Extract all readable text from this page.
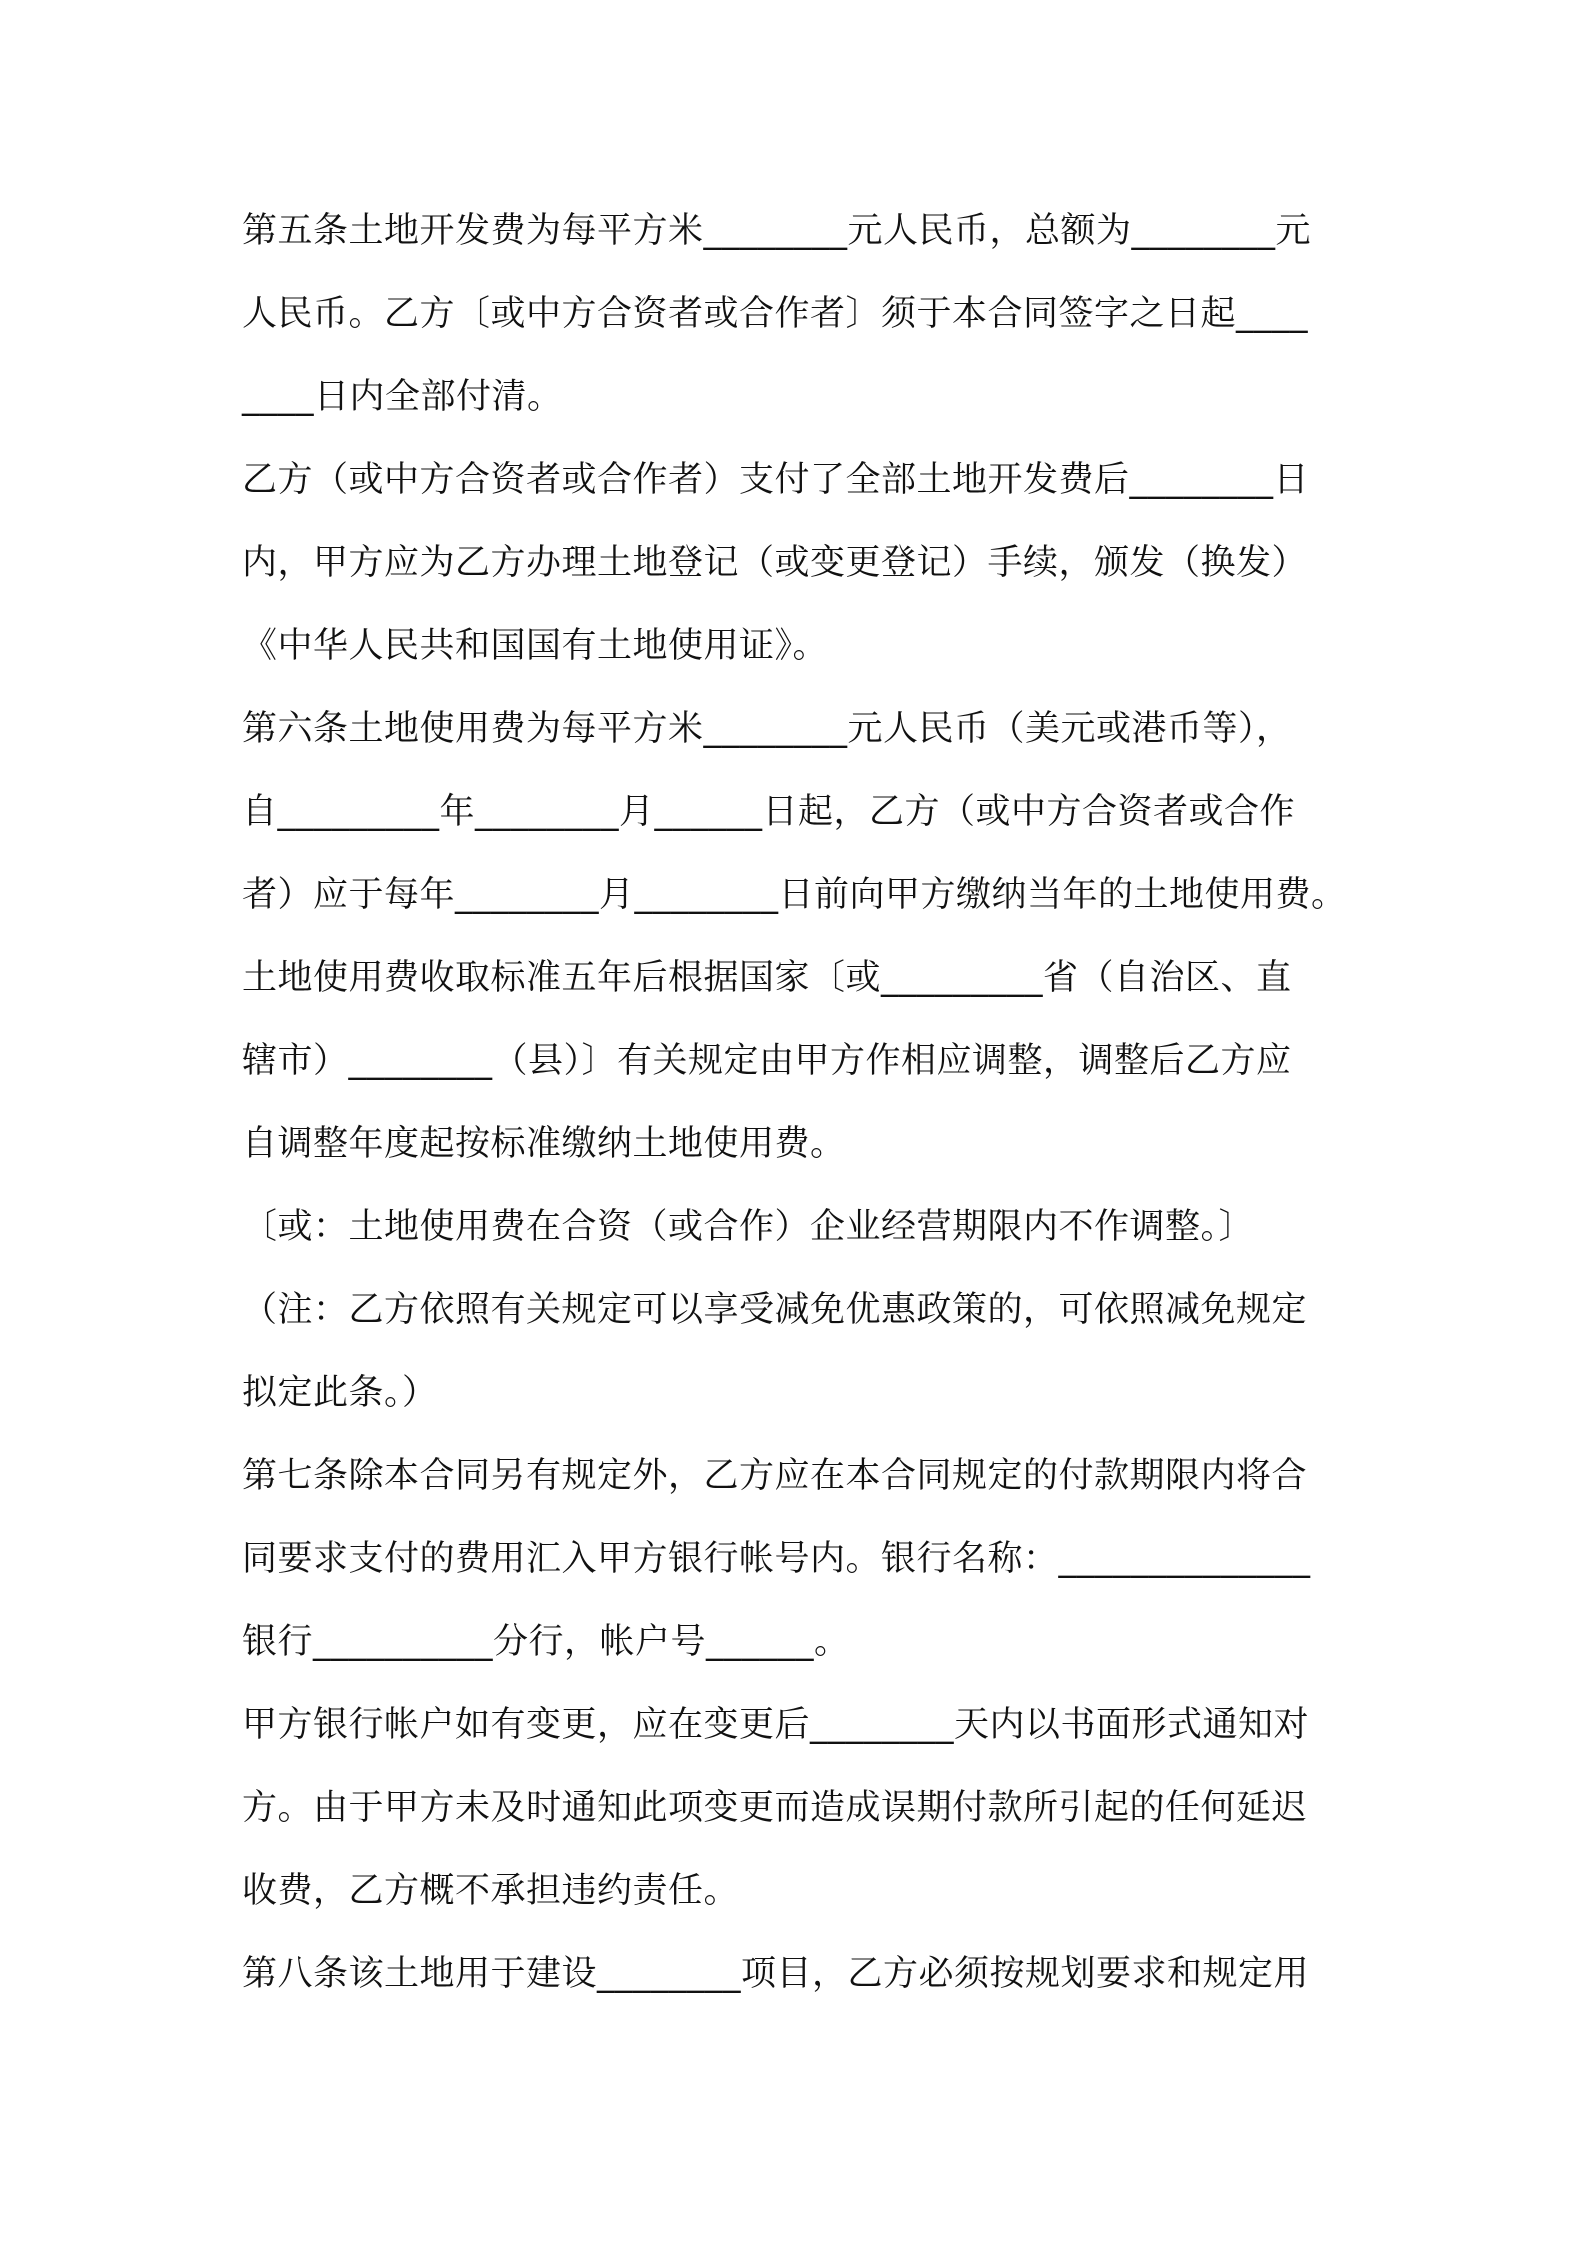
第五条土地开发费为每平方米________元人民币，总额为________元
人民币。乙方〔或中方合资者或合作者〕须于本合同签字之日起____
____日内全部付清。
乙方（或中方合资者或合作者）支付了全部土地开发费后________日
内，甲方应为乙方办理土地登记（或变更登记）手续，颁发（换发）
《中华人民共和国国有土地使用证》。
第六条土地使用费为每平方米________元人民币（美元或港币等），
自_________年________月______日起，乙方（或中方合资者或合作
者）应于每年________月________日前向甲方缴纳当年的土地使用费。
土地使用费收取标准五年后根据国家〔或_________省（自治区、直
辖市）________（县）〕有关规定由甲方作相应调整，调整后乙方应
自调整年度起按标准缴纳土地使用费。
〔或：土地使用费在合资（或合作）企业经营期限内不作调整。〕
（注：乙方依照有关规定可以享受减免优惠政策的，可依照减免规定
拟定此条。）
第七条除本合同另有规定外，乙方应在本合同规定的付款期限内将合
同要求支付的费用汇入甲方银行帐号内。银行名称：______________
银行__________分行，帐户号______。
甲方银行帐户如有变更，应在变更后________天内以书面形式通知对
方。由于甲方未及时通知此项变更而造成误期付款所引起的任何延迟
收费，乙方概不承担违约责任。
第八条该土地用于建设________项目，乙方必须按规划要求和规定用
